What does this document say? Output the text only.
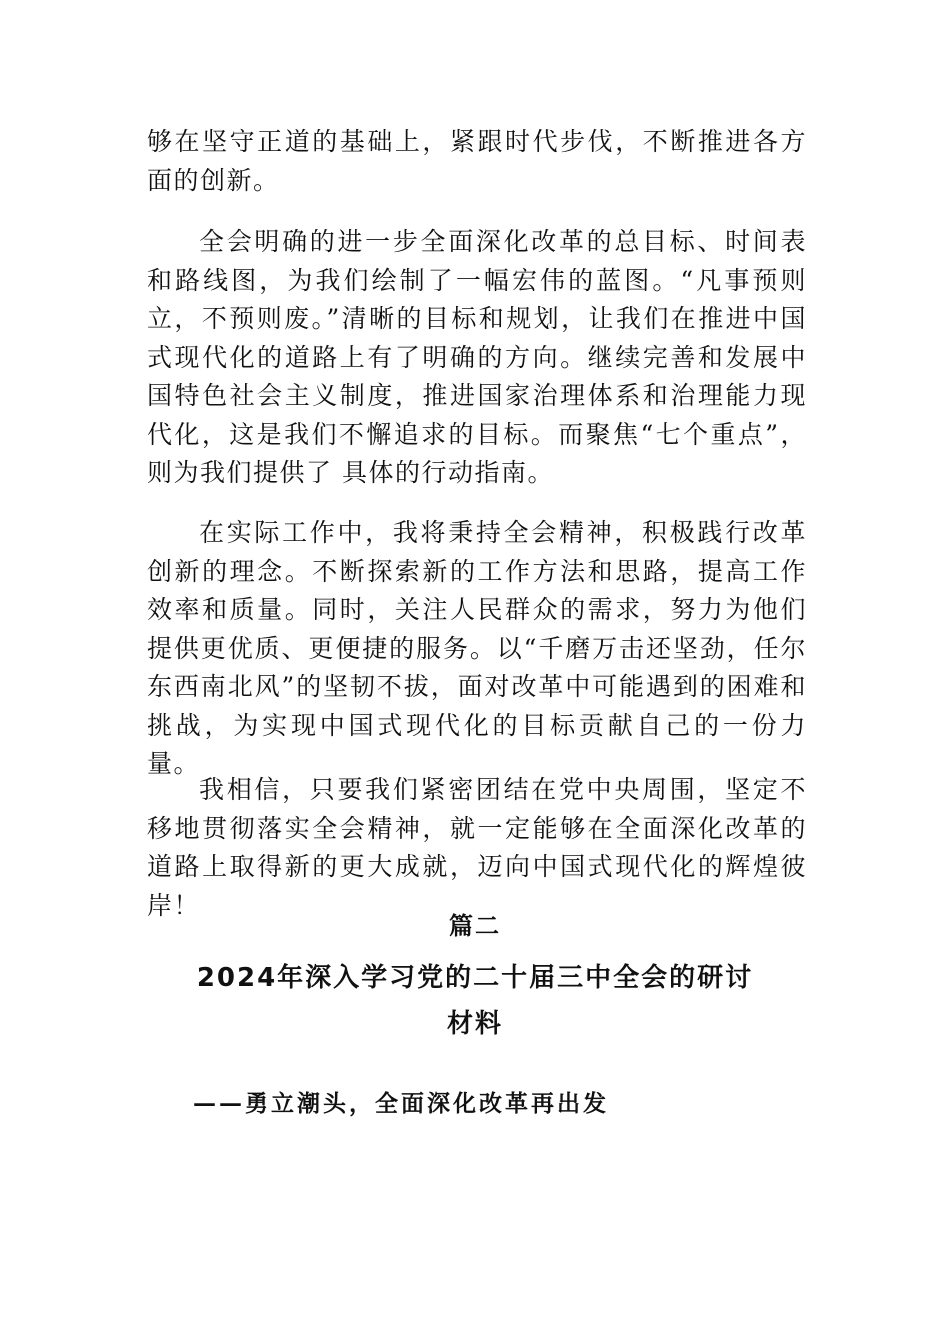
够在坚守正道的基础上，紧跟时代步伐，不断推进各方面的创新。

全会明确的进一步全面深化改革的总目标、时间表和路线图，为我们绘制了一幅宏伟的蓝图。“凡事预则立，不预则废。”清晰的目标和规划，让我们在推进中国式现代化的道路上有了明确的方向。继续完善和发展中国特色社会主义制度，推进国家治理体系和治理能力现代化，这是我们不懈追求的目标。而聚焦“七个重点”，则为我们提供了 具体的行动指南。

在实际工作中，我将秉持全会精神，积极践行改革创新的理念。不断探索新的工作方法和思路，提高工作效率和质量。同时，关注人民群众的需求，努力为他们提供更优质、更便捷的服务。以“千磨万击还坚劲，任尔东西南北风”的坚韧不拔，面对改革中可能遇到的困难和挑战，为实现中国式现代化的目标贡献自己的一份力量。

我相信，只要我们紧密团结在党中央周围，坚定不移地贯彻落实全会精神，就一定能够在全面深化改革的道路上取得新的更大成就，迈向中国式现代化的辉煌彼岸！

篇二

2024年深入学习党的二十届三中全会的研讨材料

——勇立潮头，全面深化改革再出发
